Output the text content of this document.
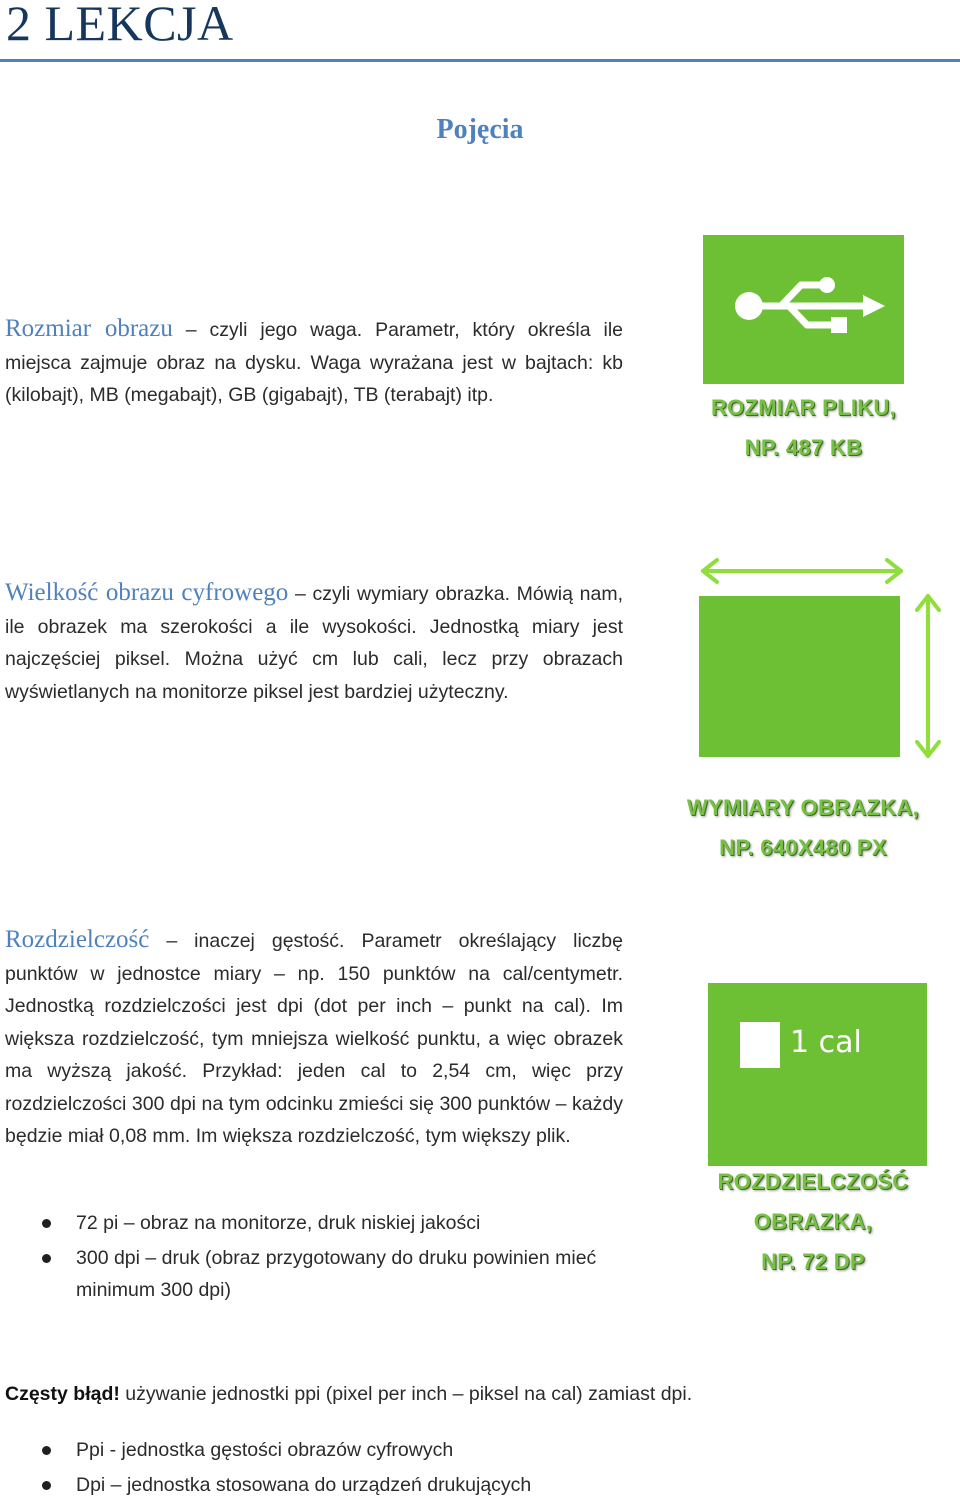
2 LEKCJA
Pojęcia
Rozmiar obrazu – czyli jego waga. Parametr, który określa ile miejsca zajmuje obraz na dysku. Waga wyrażana jest w bajtach: kb (kilobajt), MB (megabajt), GB (gigabajt), TB (terabajt) itp.	ROZMIAR PLIKU,
NP. 487 KB
Wielkość obrazu cyfrowego – czyli wymiary obrazka. Mówią nam, ile obrazek ma szerokości a ile wysokości. Jednostką miary jest najczęściej piksel. Można użyć cm lub cali, lecz przy obrazach wyświetlanych na monitorze piksel jest bardziej użyteczny.
WYMIARY OBRAZKA,
NP. 640X480 PX
Rozdzielczość – inaczej gęstość. Parametr określający liczbę punktów w jednostce miary – np. 150 punktów na cal/centymetr. Jednostką rozdzielczości jest dpi (dot per inch – punkt na cal). Im większa rozdzielczość, tym mniejsza wielkość punktu, a więc obrazek ma wyższą jakość. Przykład: jeden cal to 2,54 cm, więc przy rozdzielczości 300 dpi na tym odcinku zmieści się 300 punktów – każdy będzie miał 0,08 mm. Im większa rozdzielczość, tym większy plik.
72 pi – obraz na monitorze, druk niskiej jakości
300 dpi – druk (obraz przygotowany do druku powinien mieć minimum 300 dpi)
1 cal
ROZDZIELCZOŚĆ
OBRAZKA,
NP. 72 DP
Częsty błąd! używanie jednostki ppi (pixel per inch – piksel na cal) zamiast dpi.
Ppi - jednostka gęstości obrazów cyfrowych
Dpi – jednostka stosowana do urządzeń drukujących
